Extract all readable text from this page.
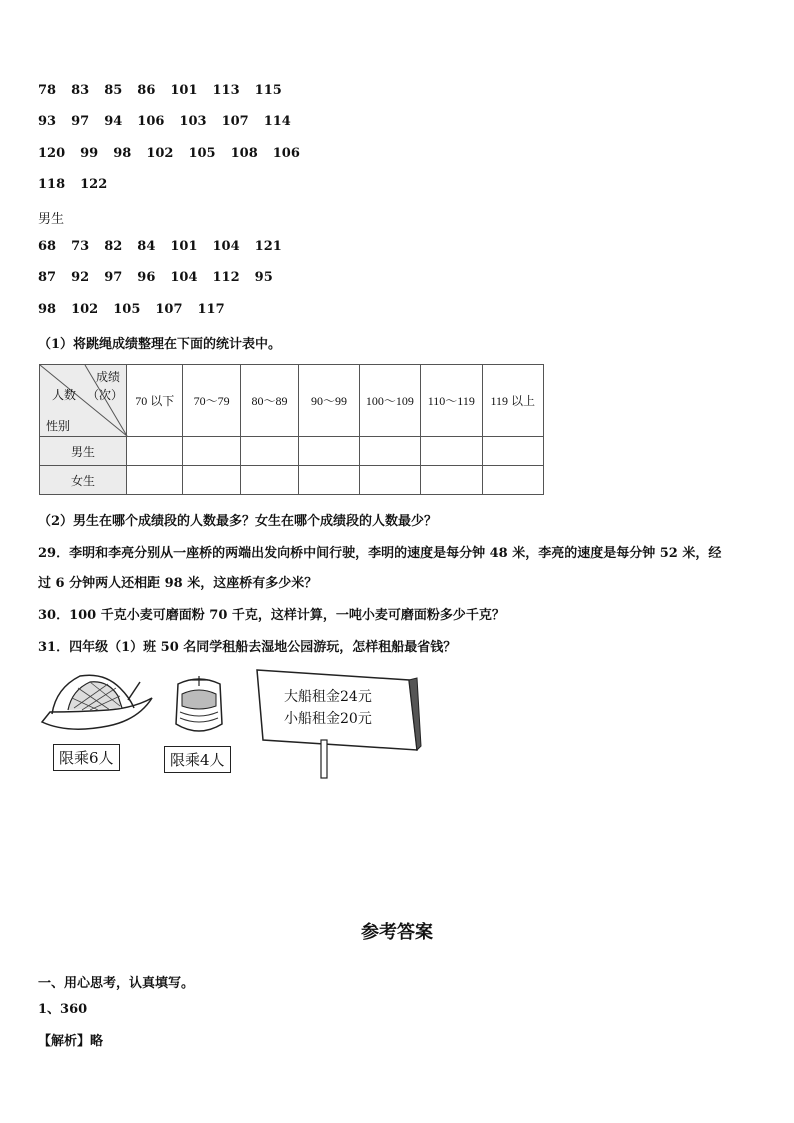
78 83 85 86 101 113 115
93 97 94 106 103 107 114
120 99 98 102 105 108 106
118 122
男生
68 73 82 84 101 104 121
87 92 97 96 104 112 95
98 102 105 107 117
（1）将跳绳成绩整理在下面的统计表中。
成绩
（次）
人数
性别	70 以下	70～79	80～89	90～99	100～109	110～119	119 以上
男生							
女生							
（2）男生在哪个成绩段的人数最多？女生在哪个成绩段的人数最少？
29．李明和李亮分别从一座桥的两端出发向桥中间行驶，李明的速度是每分钟 48 米，李亮的速度是每分钟 52 米，经
过 6 分钟两人还相距 98 米，这座桥有多少米？
30．100 千克小麦可磨面粉 70 千克，这样计算，一吨小麦可磨面粉多少千克？
31．四年级（1）班 50 名同学租船去湿地公园游玩，怎样租船最省钱？
限乘6人	限乘4人
大船租金24元
小船租金20元
参考答案
一、用心思考，认真填写。
1、360
【解析】略
